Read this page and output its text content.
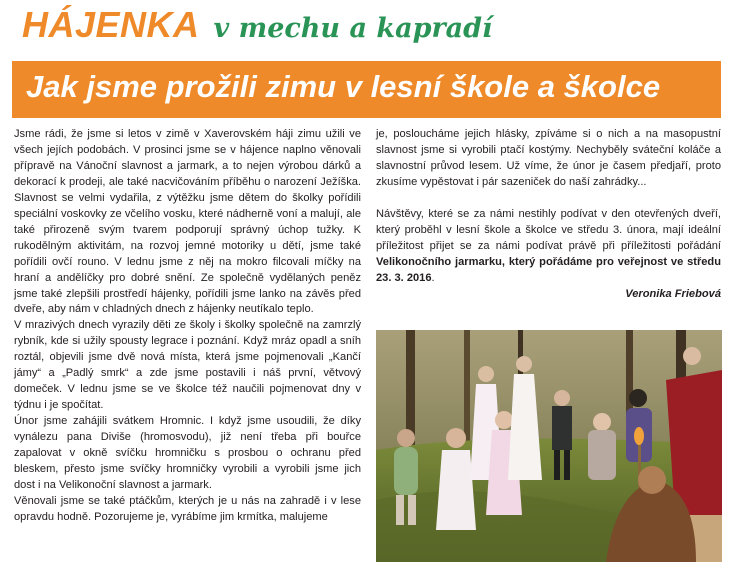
HÁJENKA v mechu a kapradí
Jak jsme prožili zimu v lesní škole a školce

Jsme rádi, že jsme si letos v zimě v Xaverovském háji zimu užili ve všech jejích podobách. V prosinci jsme se v hájence naplno věnovali přípravě na Vánoční slavnost a jarmark, a to nejen výrobou dárků a dekorací k prodeji, ale také nacvičováním příběhu o narození Ježíška. Slavnost se velmi vydařila, z výtěžku jsme dětem do školky pořídili speciální voskovky ze včelího vosku, které nádherně voní a malují, ale také přirozeně svým tvarem podporují správný úchop tužky. K rukodělným aktivitám, na rozvoj jemné motoriky u dětí, jsme také pořídili ovčí rouno. V lednu jsme z něj na mokro filcovali míčky na hraní a andělíčky pro dobré snění. Ze společně vydělaných peněz jsme také zlepšili prostředí hájenky, pořídili jsme lanko na závěs před dveře, aby nám v chladných dnech z hájenky neutíkalo teplo.

V mrazivých dnech vyrazily děti ze školy i školky společně na zamrzlý rybník, kde si užily spousty legrace i poznání. Když mráz opadl a sníh roztál, objevili jsme dvě nová místa, která jsme pojmenovali „Kančí jámy“ a „Padlý smrk“ a zde jsme postavili i náš první, větvový domeček. V lednu jsme se ve školce též naučili pojmenovat dny v týdnu i je spočítat.

Únor jsme zahájili svátkem Hromnic. I když jsme usoudili, že díky vynálezu pana Diviše (hromosvodu), již není třeba při bouřce zapalovat v okně svíčku hromničku s prosbou o ochranu před bleskem, přesto jsme svíčky hromničky vyrobili a vyrobili jsme jich dost i na Velikonoční slavnost a jarmark.

Věnovali jsme se také ptáčkům, kterých je u nás na zahradě i v lese opravdu hodně. Pozorujeme je, vyrábíme jim krmítka, malujeme

je, posloucháme jejich hlásky, zpíváme si o nich a na masopustní slavnost jsme si vyrobili ptačí kostýmy. Nechyběly sváteční koláče a slavnostní průvod lesem. Už víme, že únor je časem předjaří, proto zkusíme vypěstovat i pár sazeniček do naší zahrádky...

Návštěvy, které se za námi nestihly podívat v den otevřených dveří, který proběhl v lesní škole a školce ve středu 3. února, mají ideální příležitost přijet se za námi podívat právě při příležitosti pořádání Velikonočního jarmarku, který pořádáme pro veřejnost ve středu 23. 3. 2016.

Veronika Friebová
